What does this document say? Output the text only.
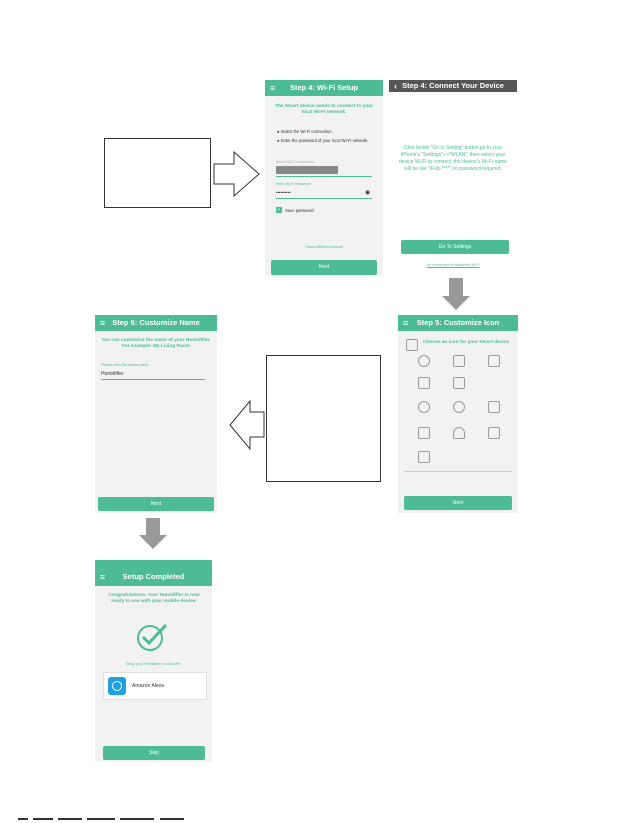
≡ Step 4: Wi-Fi Setup
The Smart device needs to connect to your local Wi-Fi network.
● Select the Wi-Fi connection.
● Enter the password of your local Wi-Fi network.
Select Wi-Fi connection
Enter Wi-Fi Password
••••••••••	◉
✓ Save password
Select different network
Next
‹ Step 4: Connect Your Device
Click below "Go to Setting" button,go to your iPhone's "Settings"-->"WLAN", then select your device Wi-Fi to connect, the device's Wi-Fi name will be like "iFub-****",no password required.
Go To Settings
I'm connected to Humidifier Wi-Fi
≡ Step 5: Customize Icon
Choose an icon for your Smart device
Next
≡ Step 6: Customize Name
You can customize the name of your Humidifier. For example: My Living Room
Please enter the device name
Humidifier
Next
≡ Setup Completed
Congratulations. Your Humidifier is now ready to use with your mobile device.
Setup your Humidifier to work with:
Amazon Alexa
Skip
